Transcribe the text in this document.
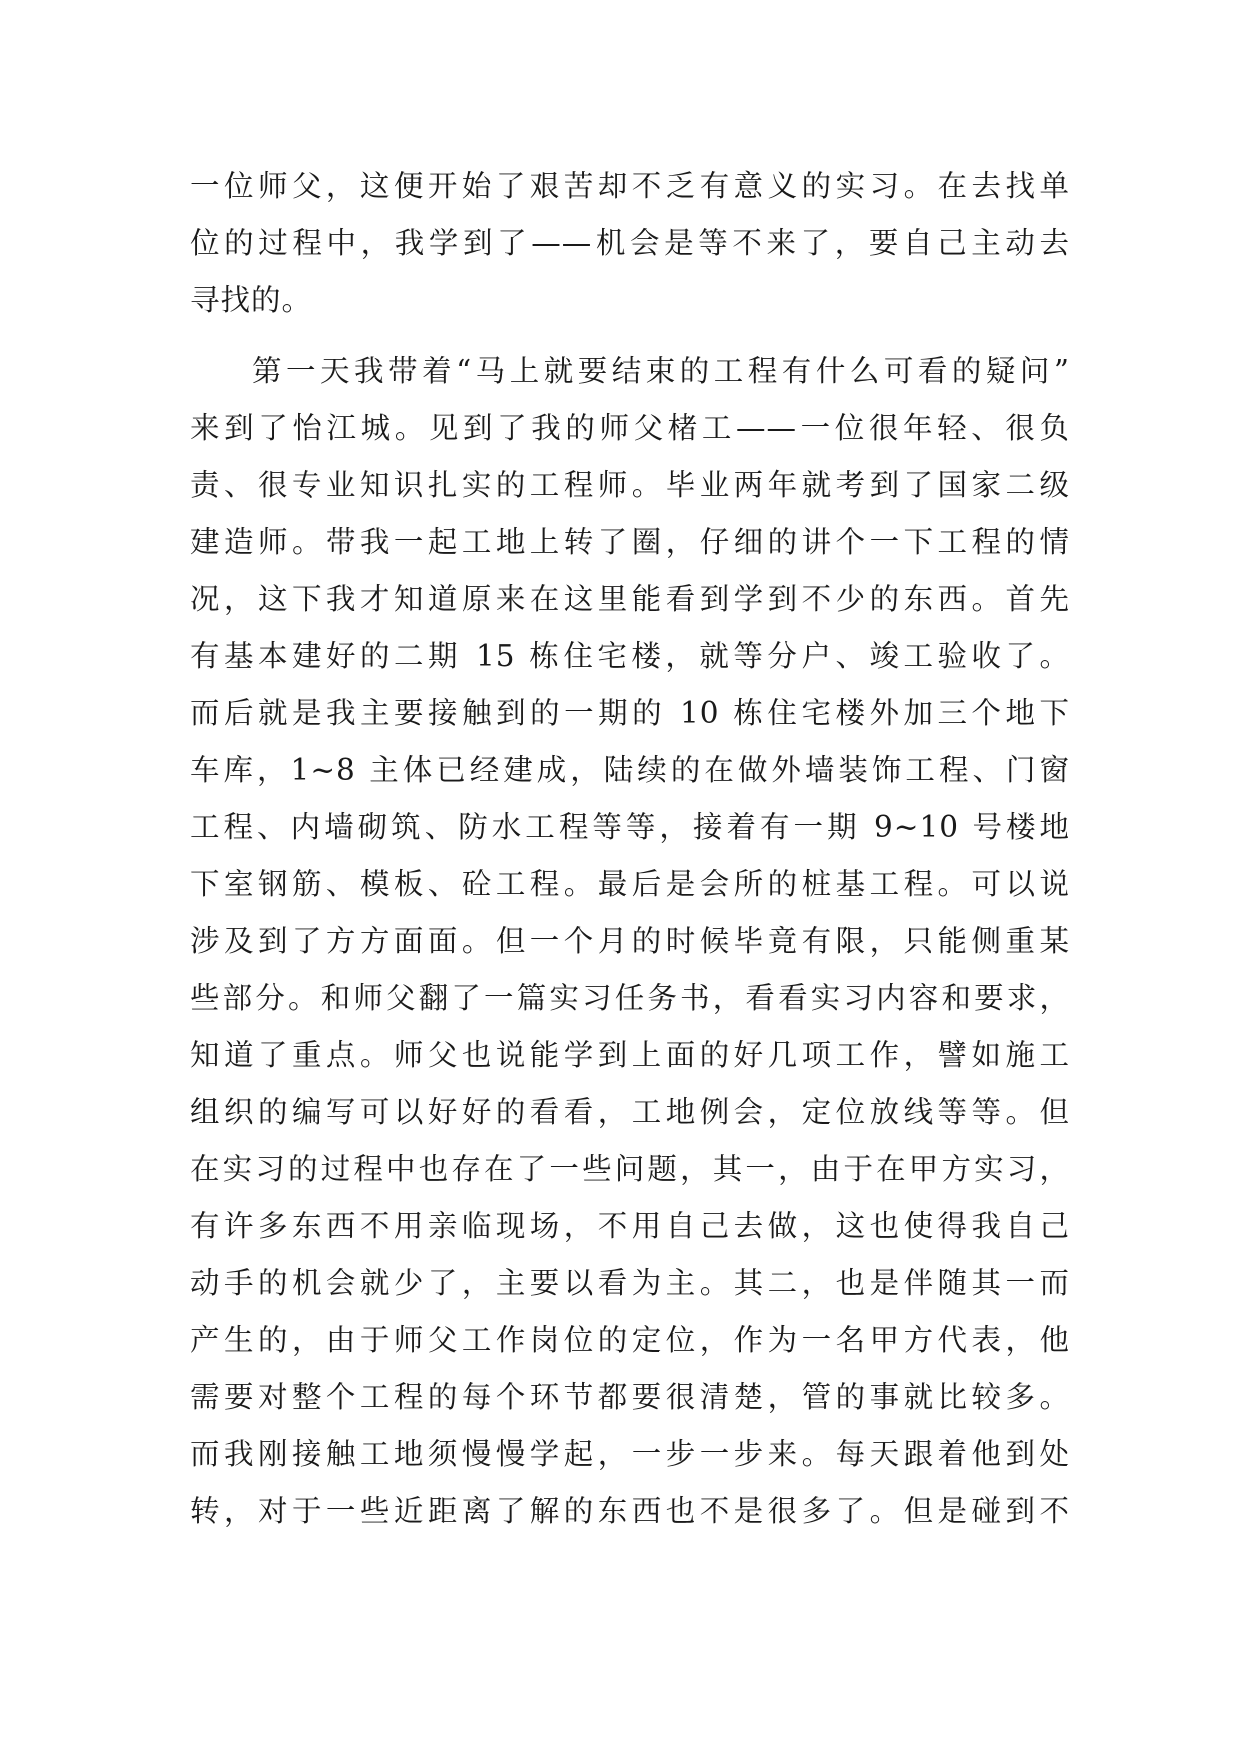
一位师父，这便开始了艰苦却不乏有意义的实习。在去找单
位的过程中，我学到了——机会是等不来了，要自己主动去
寻找的。
第一天我带着“马上就要结束的工程有什么可看的疑问”
来到了怡江城。见到了我的师父楮工——一位很年轻、很负
责、很专业知识扎实的工程师。毕业两年就考到了国家二级
建造师。带我一起工地上转了圈，仔细的讲个一下工程的情
况，这下我才知道原来在这里能看到学到不少的东西。首先
有基本建好的二期 15 栋住宅楼，就等分户、竣工验收了。
而后就是我主要接触到的一期的 10 栋住宅楼外加三个地下
车库，1~8 主体已经建成，陆续的在做外墙装饰工程、门窗
工程、内墙砌筑、防水工程等等，接着有一期 9~10 号楼地
下室钢筋、模板、砼工程。最后是会所的桩基工程。可以说
涉及到了方方面面。但一个月的时候毕竟有限，只能侧重某
些部分。和师父翻了一篇实习任务书，看看实习内容和要求，
知道了重点。师父也说能学到上面的好几项工作，譬如施工
组织的编写可以好好的看看，工地例会，定位放线等等。但
在实习的过程中也存在了一些问题，其一，由于在甲方实习，
有许多东西不用亲临现场，不用自己去做，这也使得我自己
动手的机会就少了，主要以看为主。其二，也是伴随其一而
产生的，由于师父工作岗位的定位，作为一名甲方代表，他
需要对整个工程的每个环节都要很清楚，管的事就比较多。
而我刚接触工地须慢慢学起，一步一步来。每天跟着他到处
转，对于一些近距离了解的东西也不是很多了。但是碰到不
